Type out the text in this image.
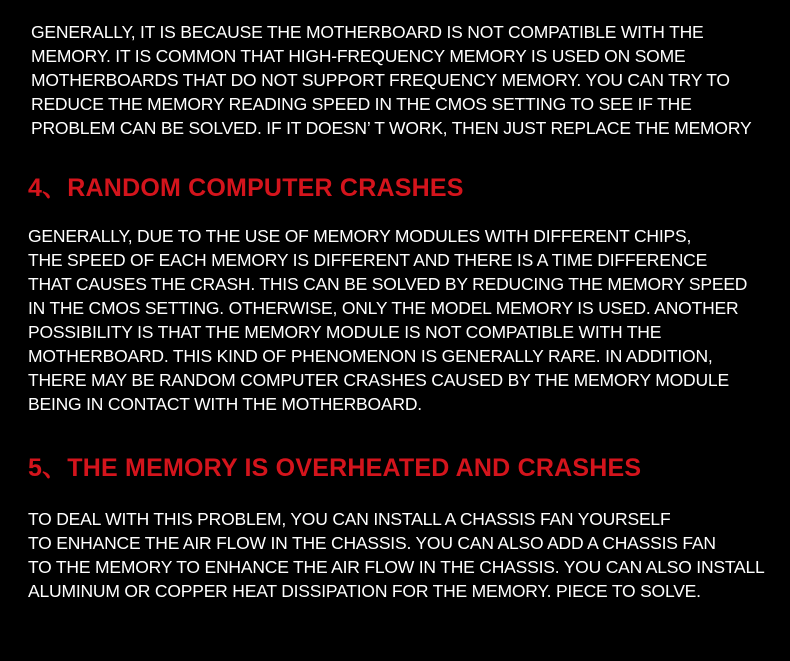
GENERALLY, IT IS BECAUSE THE MOTHERBOARD IS NOT COMPATIBLE WITH THE
MEMORY. IT IS COMMON THAT HIGH-FREQUENCY MEMORY IS USED ON SOME
MOTHERBOARDS THAT DO NOT SUPPORT FREQUENCY MEMORY. YOU CAN TRY TO
REDUCE THE MEMORY READING SPEED IN THE CMOS SETTING TO SEE IF THE
PROBLEM CAN BE SOLVED. IF IT DOESN’ T WORK, THEN JUST REPLACE THE MEMORY
4、RANDOM COMPUTER CRASHES
GENERALLY, DUE TO THE USE OF MEMORY MODULES WITH DIFFERENT CHIPS,
THE SPEED OF EACH MEMORY IS DIFFERENT AND THERE IS A TIME DIFFERENCE
THAT CAUSES THE CRASH. THIS CAN BE SOLVED BY REDUCING THE MEMORY SPEED
IN THE CMOS SETTING. OTHERWISE, ONLY THE MODEL MEMORY IS USED. ANOTHER
POSSIBILITY IS THAT THE MEMORY MODULE IS NOT COMPATIBLE WITH THE
MOTHERBOARD. THIS KIND OF PHENOMENON IS GENERALLY RARE. IN ADDITION,
THERE MAY BE RANDOM COMPUTER CRASHES CAUSED BY THE MEMORY MODULE
BEING IN CONTACT WITH THE MOTHERBOARD.
5、THE MEMORY IS OVERHEATED AND CRASHES
TO DEAL WITH THIS PROBLEM, YOU CAN INSTALL A CHASSIS FAN YOURSELF
TO ENHANCE THE AIR FLOW IN THE CHASSIS. YOU CAN ALSO ADD A CHASSIS FAN
TO THE MEMORY TO ENHANCE THE AIR FLOW IN THE CHASSIS. YOU CAN ALSO INSTALL
ALUMINUM OR COPPER HEAT DISSIPATION FOR THE MEMORY. PIECE TO SOLVE.
